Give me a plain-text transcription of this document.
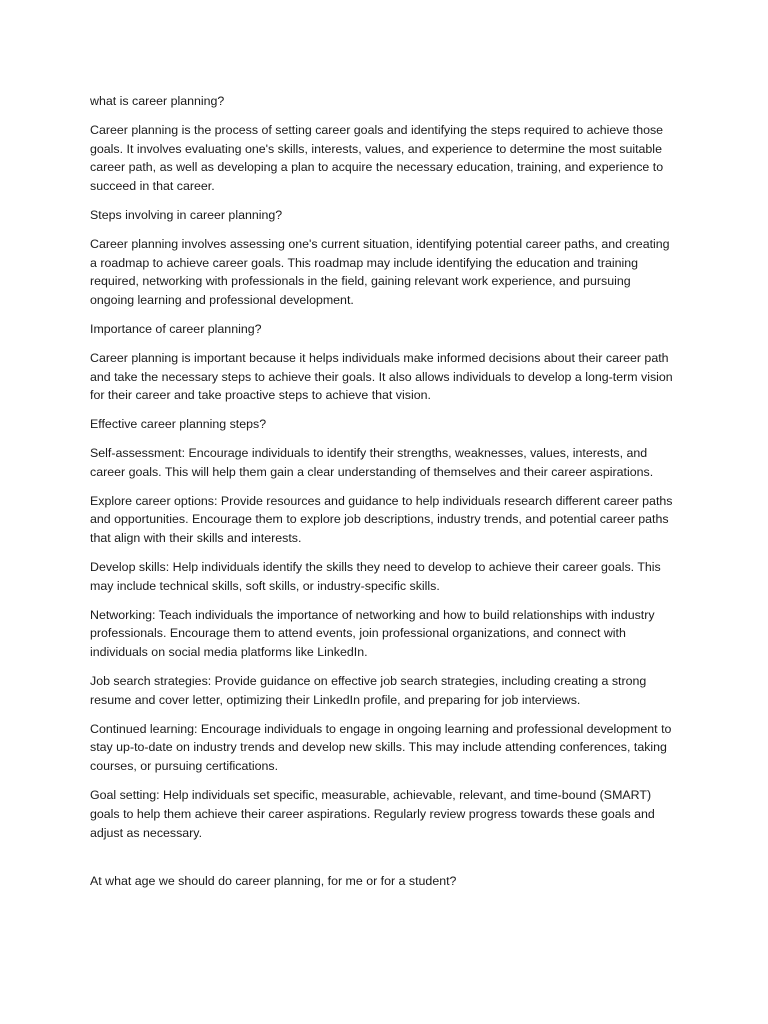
what is career planning?

Career planning is the process of setting career goals and identifying the steps required to achieve those goals. It involves evaluating one's skills, interests, values, and experience to determine the most suitable career path, as well as developing a plan to acquire the necessary education, training, and experience to succeed in that career.

Steps involving in career planning?

Career planning involves assessing one's current situation, identifying potential career paths, and creating a roadmap to achieve career goals. This roadmap may include identifying the education and training required, networking with professionals in the field, gaining relevant work experience, and pursuing ongoing learning and professional development.

Importance of career planning?

Career planning is important because it helps individuals make informed decisions about their career path and take the necessary steps to achieve their goals. It also allows individuals to develop a long-term vision for their career and take proactive steps to achieve that vision.

Effective career planning steps?

Self-assessment: Encourage individuals to identify their strengths, weaknesses, values, interests, and career goals. This will help them gain a clear understanding of themselves and their career aspirations.

Explore career options: Provide resources and guidance to help individuals research different career paths and opportunities. Encourage them to explore job descriptions, industry trends, and potential career paths that align with their skills and interests.

Develop skills: Help individuals identify the skills they need to develop to achieve their career goals. This may include technical skills, soft skills, or industry-specific skills.

Networking: Teach individuals the importance of networking and how to build relationships with industry professionals. Encourage them to attend events, join professional organizations, and connect with individuals on social media platforms like LinkedIn.

Job search strategies: Provide guidance on effective job search strategies, including creating a strong resume and cover letter, optimizing their LinkedIn profile, and preparing for job interviews.

Continued learning: Encourage individuals to engage in ongoing learning and professional development to stay up-to-date on industry trends and develop new skills. This may include attending conferences, taking courses, or pursuing certifications.

Goal setting: Help individuals set specific, measurable, achievable, relevant, and time-bound (SMART) goals to help them achieve their career aspirations. Regularly review progress towards these goals and adjust as necessary.

At what age we should do career planning, for me or for a student?
